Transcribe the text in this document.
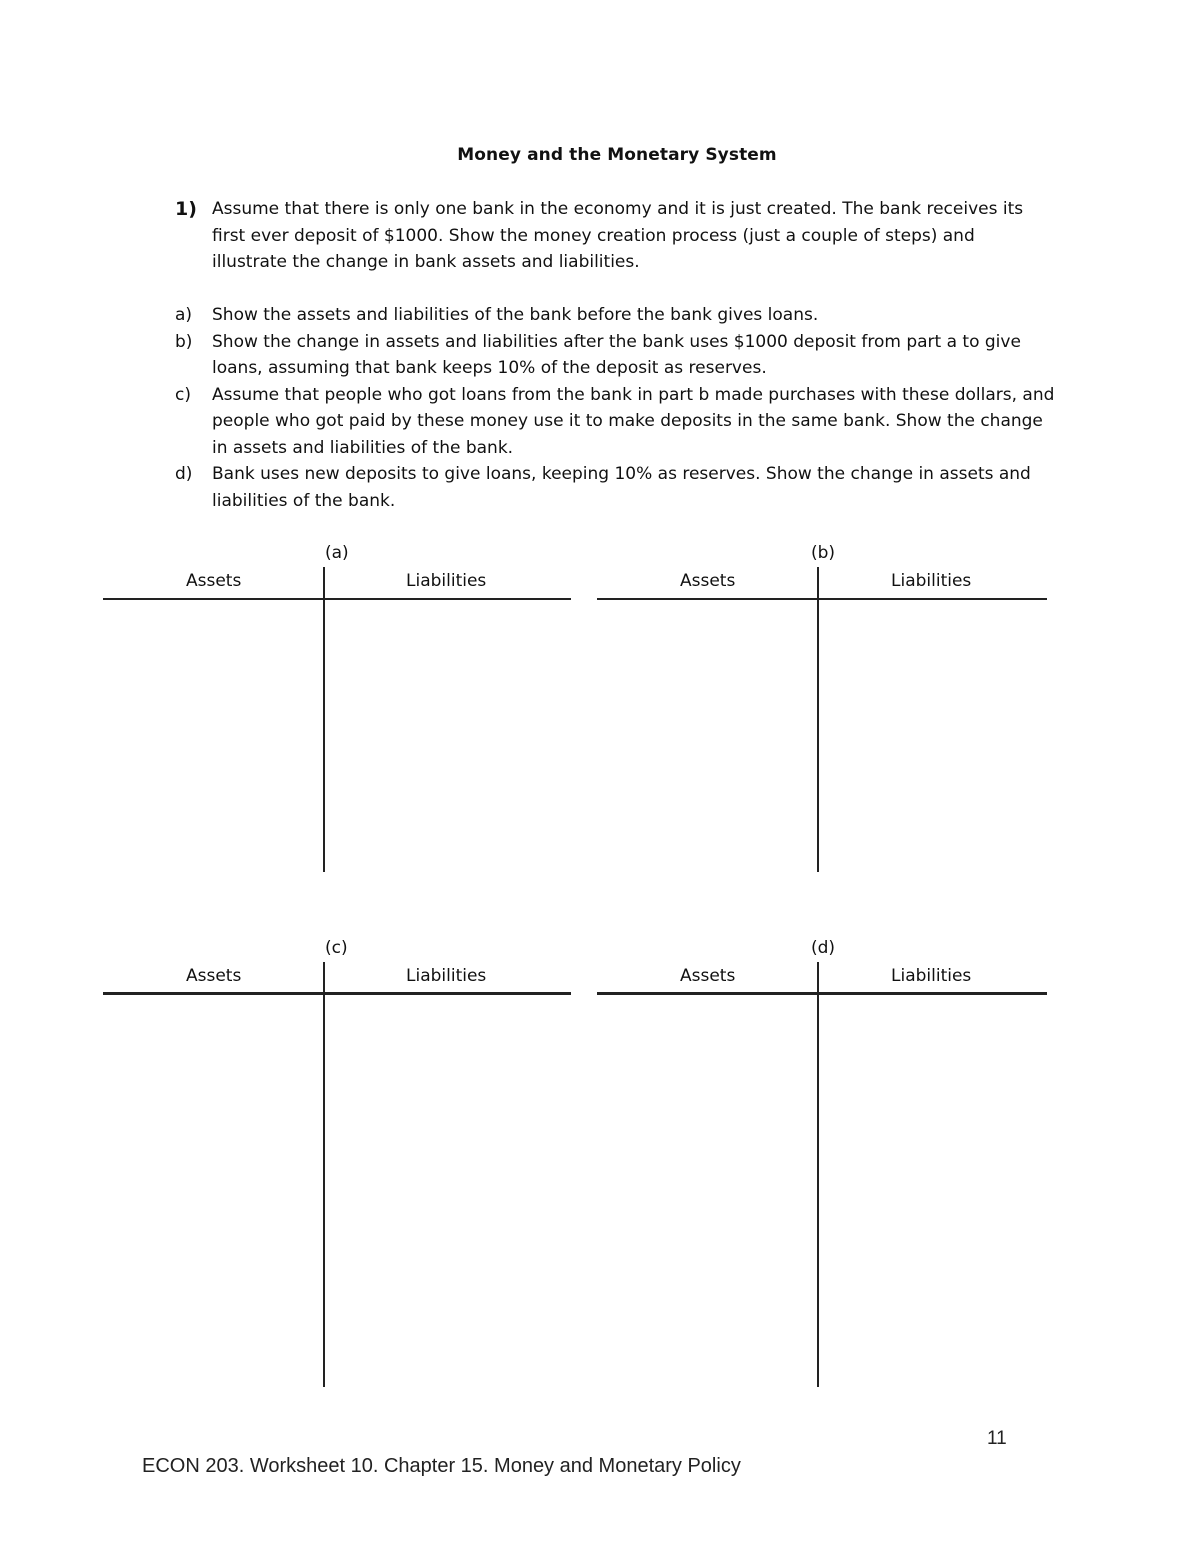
Money and the Monetary System
1) Assume that there is only one bank in the economy and it is just created. The bank receives its first ever deposit of $1000. Show the money creation process (just a couple of steps) and illustrate the change in bank assets and liabilities.
a)	Show the assets and liabilities of the bank before the bank gives loans.
b)	Show the change in assets and liabilities after the bank uses $1000 deposit from part a to give loans, assuming that bank keeps 10% of the deposit as reserves.
c)	Assume that people who got loans from the bank in part b made purchases with these dollars, and people who got paid by these money use it to make deposits in the same bank. Show the change in assets and liabilities of the bank.
d)	Bank uses new deposits to give loans, keeping 10% as reserves. Show the change in assets and liabilities of the bank.
(a)
Assets	Liabilities
(b)
Assets	Liabilities
(c)
Assets	Liabilities
(d)
Assets	Liabilities
11
ECON 203. Worksheet 10. Chapter 15. Money and Monetary Policy
